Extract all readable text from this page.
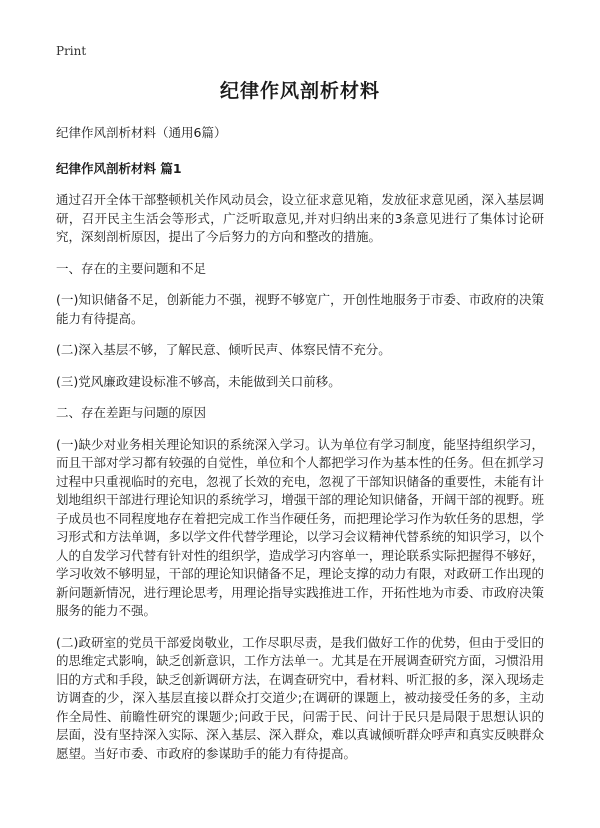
Print
纪律作风剖析材料
纪律作风剖析材料（通用6篇）
纪律作风剖析材料 篇1

通过召开全体干部整顿机关作风动员会，设立征求意见箱，发放征求意见函，深入基层调研，召开民主生活会等形式，广泛听取意见,并对归纳出来的3条意见进行了集体讨论研究，深刻剖析原因，提出了今后努力的方向和整改的措施。

一、存在的主要问题和不足

(一)知识储备不足，创新能力不强，视野不够宽广，开创性地服务于市委、市政府的决策能力有待提高。

(二)深入基层不够，了解民意、倾听民声、体察民情不充分。

(三)党风廉政建设标准不够高，未能做到关口前移。

二、存在差距与问题的原因

(一)缺少对业务相关理论知识的系统深入学习。认为单位有学习制度，能坚持组织学习，而且干部对学习都有较强的自觉性，单位和个人都把学习作为基本性的任务。但在抓学习过程中只重视临时的充电，忽视了长效的充电，忽视了干部知识储备的重要性，未能有计划地组织干部进行理论知识的系统学习，增强干部的理论知识储备，开阔干部的视野。班子成员也不同程度地存在着把完成工作当作硬任务，而把理论学习作为软任务的思想，学习形式和方法单调，多以学文件代替学理论，以学习会议精神代替系统的知识学习，以个人的自发学习代替有针对性的组织学，造成学习内容单一，理论联系实际把握得不够好，学习收效不够明显，干部的理论知识储备不足，理论支撑的动力有限，对政研工作出现的新问题新情况，进行理论思考，用理论指导实践推进工作，开拓性地为市委、市政府决策服务的能力不强。

(二)政研室的党员干部爱岗敬业，工作尽职尽责，是我们做好工作的优势，但由于受旧的的思维定式影响，缺乏创新意识，工作方法单一。尤其是在开展调查研究方面，习惯沿用旧的方式和手段，缺乏创新调研方法，在调查研究中，看材料、听汇报的多，深入现场走访调查的少，深入基层直接以群众打交道少;在调研的课题上，被动接受任务的多，主动作全局性、前瞻性研究的课题少;问政于民，问需于民、问计于民只是局限于思想认识的层面，没有坚持深入实际、深入基层、深入群众，难以真诚倾听群众呼声和真实反映群众愿望。当好市委、市政府的参谋助手的能力有待提高。
